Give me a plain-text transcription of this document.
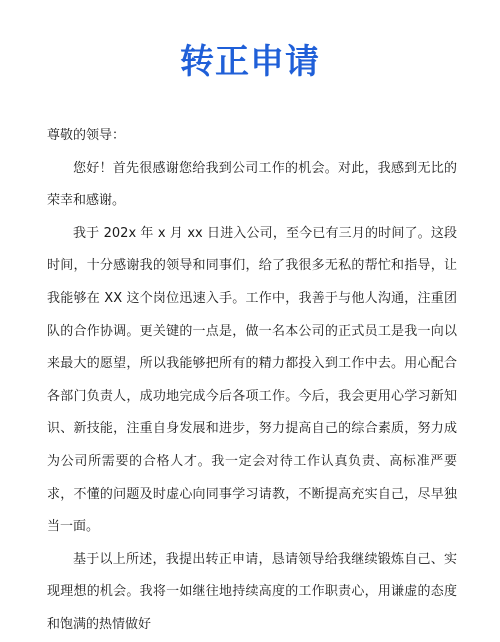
转正申请

尊敬的领导：

您好！首先很感谢您给我到公司工作的机会。对此，我感到无比的荣幸和感谢。

我于 202x 年 x 月 xx 日进入公司，至今已有三月的时间了。这段时间，十分感谢我的领导和同事们，给了我很多无私的帮忙和指导，让我能够在 XX 这个岗位迅速入手。工作中，我善于与他人沟通，注重团队的合作协调。更关键的一点是，做一名本公司的正式员工是我一向以来最大的愿望，所以我能够把所有的精力都投入到工作中去。用心配合各部门负责人，成功地完成今后各项工作。今后，我会更用心学习新知识、新技能，注重自身发展和进步，努力提高自己的综合素质，努力成为公司所需要的合格人才。我一定会对待工作认真负责、高标准严要求，不懂的问题及时虚心向同事学习请教，不断提高充实自己，尽早独当一面。

基于以上所述，我提出转正申请，恳请领导给我继续锻炼自己、实现理想的机会。我将一如继往地持续高度的工作职责心，用谦虚的态度和饱满的热情做好
